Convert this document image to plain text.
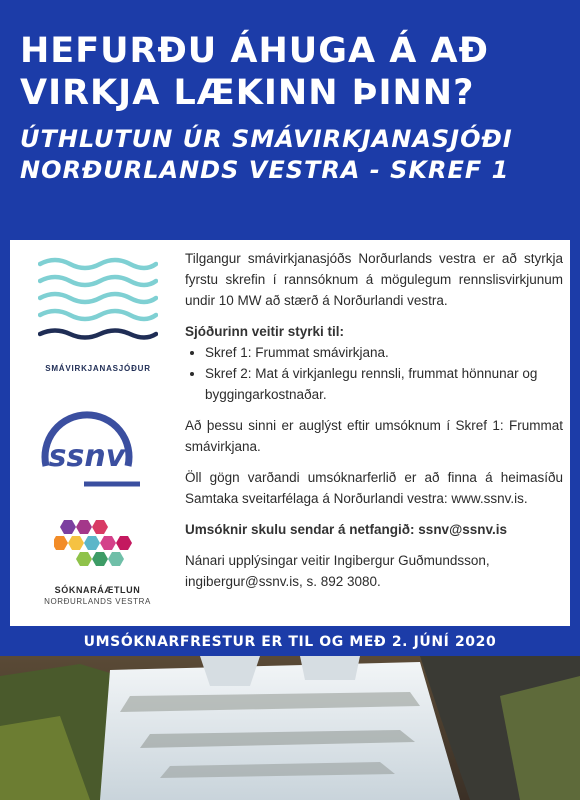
HEFURÐU ÁHUGA Á AÐ
VIRKJA LÆKINN ÞINN?
ÚTHLUTUN ÚR SMÁVIRKJANASJÓÐI
NORÐURLANDS VESTRA - SKREF 1
SMÁVIRKJANASJÓÐUR
ssnv
SÓKNARÁÆTLUN
NORÐURLANDS VESTRA

Tilgangur smávirkjanasjóðs Norðurlands vestra er að styrkja fyrstu skrefin í rannsóknum á mögulegum rennslisvirkjunum undir 10 MW að stærð á Norðurlandi vestra.

Sjóðurinn veitir styrki til:

• Skref 1: Frummat smávirkjana.
• Skref 2: Mat á virkjanlegu rennsli, frummat hönnunar og byggingarkostnaðar.

Að þessu sinni er auglýst eftir umsóknum í Skref 1: Frummat smávirkjana.

Öll gögn varðandi umsóknarferlið er að finna á heimasíðu Samtaka sveitarfélaga á Norðurlandi vestra: www.ssnv.is.

Umsóknir skulu sendar á netfangið: ssnv@ssnv.is

Nánari upplýsingar veitir Ingibergur Guðmundsson, ingibergur@ssnv.is, s. 892 3080.

UMSÓKNARFRESTUR ER TIL OG MEÐ 2. JÚNÍ 2020
